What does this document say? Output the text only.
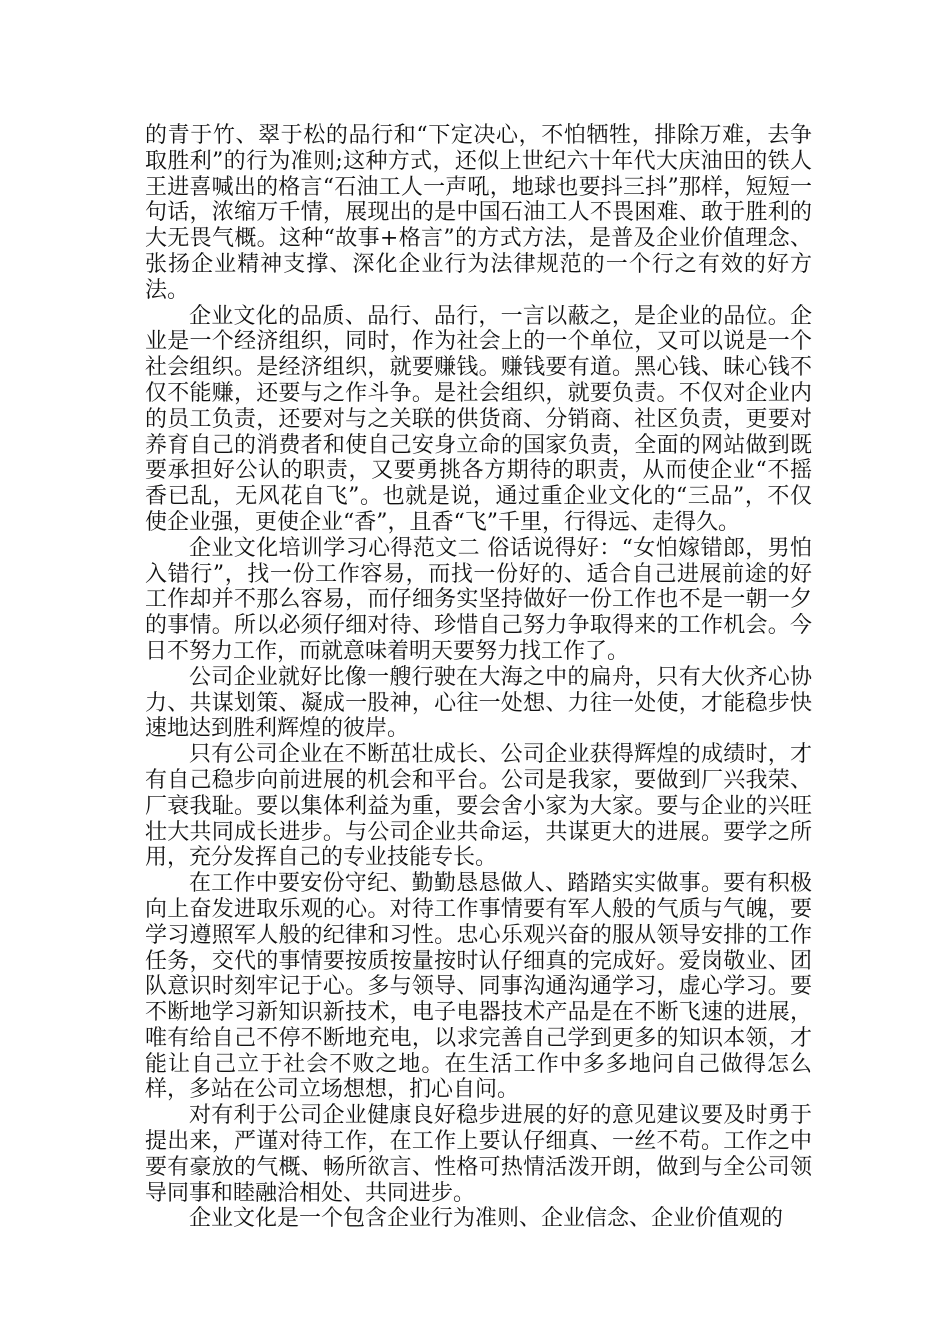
的青于竹、翠于松的品行和“下定决心，不怕牺牲，排除万难，去争取胜利”的行为准则;这种方式，还似上世纪六十年代大庆油田的铁人王进喜喊出的格言“石油工人一声吼，地球也要抖三抖”那样，短短一句话，浓缩万千情，展现出的是中国石油工人不畏困难、敢于胜利的大无畏气概。这种“故事+格言”的方式方法，是普及企业价值理念、张扬企业精神支撑、深化企业行为法律规范的一个行之有效的好方法。

企业文化的品质、品行、品行，一言以蔽之，是企业的品位。企业是一个经济组织，同时，作为社会上的一个单位，又可以说是一个社会组织。是经济组织，就要赚钱。赚钱要有道。黑心钱、昧心钱不仅不能赚，还要与之作斗争。是社会组织，就要负责。不仅对企业内的员工负责，还要对与之关联的供货商、分销商、社区负责，更要对养育自己的消费者和使自己安身立命的国家负责，全面的网站做到既要承担好公认的职责，又要勇挑各方期待的职责，从而使企业“不摇香已乱，无风花自飞”。也就是说，通过重企业文化的“三品”，不仅使企业强，更使企业“香”，且香“飞”千里，行得远、走得久。

企业文化培训学习心得范文二 俗话说得好：“女怕嫁错郎，男怕入错行”，找一份工作容易，而找一份好的、适合自己进展前途的好工作却并不那么容易，而仔细务实坚持做好一份工作也不是一朝一夕的事情。所以必须仔细对待、珍惜自己努力争取得来的工作机会。今日不努力工作，而就意味着明天要努力找工作了。

公司企业就好比像一艘行驶在大海之中的扁舟，只有大伙齐心协力、共谋划策、凝成一股神，心往一处想、力往一处使，才能稳步快速地达到胜利辉煌的彼岸。

只有公司企业在不断茁壮成长、公司企业获得辉煌的成绩时，才有自己稳步向前进展的机会和平台。公司是我家，要做到厂兴我荣、厂衰我耻。要以集体利益为重，要会舍小家为大家。要与企业的兴旺壮大共同成长进步。与公司企业共命运，共谋更大的进展。要学之所用，充分发挥自己的专业技能专长。

在工作中要安份守纪、勤勤恳恳做人、踏踏实实做事。要有积极向上奋发进取乐观的心。对待工作事情要有军人般的气质与气魄，要学习遵照军人般的纪律和习性。忠心乐观兴奋的服从领导安排的工作任务，交代的事情要按质按量按时认仔细真的完成好。爱岗敬业、团队意识时刻牢记于心。多与领导、同事沟通沟通学习，虚心学习。要不断地学习新知识新技术，电子电器技术产品是在不断飞速的进展，唯有给自己不停不断地充电，以求完善自己学到更多的知识本领，才能让自己立于社会不败之地。在生活工作中多多地问自己做得怎么样，多站在公司立场想想，扪心自问。

对有利于公司企业健康良好稳步进展的好的意见建议要及时勇于提出来，严谨对待工作，在工作上要认仔细真、一丝不苟。工作之中要有豪放的气概、畅所欲言、性格可热情活泼开朗，做到与全公司领导同事和睦融洽相处、共同进步。

企业文化是一个包含企业行为准则、企业信念、企业价值观的
